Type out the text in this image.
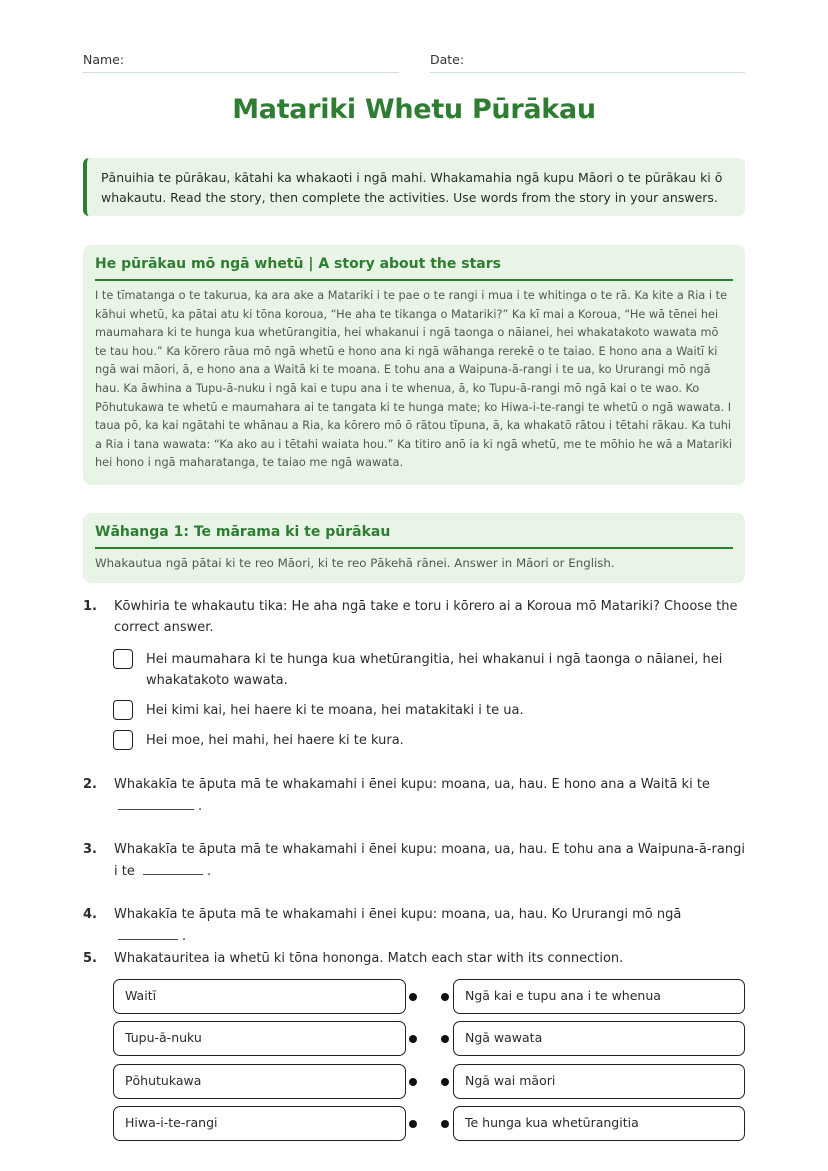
Name:	Date:
Matariki Whetu Pūrākau
Pānuihia te pūrākau, kātahi ka whakaoti i ngā mahi. Whakamahia ngā kupu Māori o te pūrākau ki ō whakautu. Read the story, then complete the activities. Use words from the story in your answers.
He pūrākau mō ngā whetū | A story about the stars
I te tīmatanga o te takurua, ka ara ake a Matariki i te pae o te rangi i mua i te whitinga o te rā. Ka kite a Ria i te kāhui whetū, ka pātai atu ki tōna koroua, “He aha te tikanga o Matariki?” Ka kī mai a Koroua, “He wā tēnei hei maumahara ki te hunga kua whetūrangitia, hei whakanui i ngā taonga o nāianei, hei whakatakoto wawata mō te tau hou.” Ka kōrero rāua mō ngā whetū e hono ana ki ngā wāhanga rerekē o te taiao. E hono ana a Waitī ki ngā wai māori, ā, e hono ana a Waitā ki te moana. E tohu ana a Waipuna-ā-rangi i te ua, ko Ururangi mō ngā hau. Ka āwhina a Tupu-ā-nuku i ngā kai e tupu ana i te whenua, ā, ko Tupu-ā-rangi mō ngā kai o te wao. Ko Pōhutukawa te whetū e maumahara ai te tangata ki te hunga mate; ko Hiwa-i-te-rangi te whetū o ngā wawata. I taua pō, ka kai ngātahi te whānau a Ria, ka kōrero mō ō rātou tīpuna, ā, ka whakatō rātou i tētahi rākau. Ka tuhi a Ria i tana wawata: “Ka ako au i tētahi waiata hou.” Ka titiro anō ia ki ngā whetū, me te mōhio he wā a Matariki hei hono i ngā maharatanga, te taiao me ngā wawata.
Wāhanga 1: Te mārama ki te pūrākau
Whakautua ngā pātai ki te reo Māori, ki te reo Pākehā rānei. Answer in Māori or English.
1.	Kōwhiria te whakautu tika: He aha ngā take e toru i kōrero ai a Koroua mō Matariki? Choose the correct answer.
Hei maumahara ki te hunga kua whetūrangitia, hei whakanui i ngā taonga o nāianei, hei whakatakoto wawata.
Hei kimi kai, hei haere ki te moana, hei matakitaki i te ua.
Hei moe, hei mahi, hei haere ki te kura.
2.	Whakakīa te āputa mā te whakamahi i ēnei kupu: moana, ua, hau. E hono ana a Waitā ki te
.
3.	Whakakīa te āputa mā te whakamahi i ēnei kupu: moana, ua, hau. E tohu ana a Waipuna-ā-rangi i te	.
4.	Whakakīa te āputa mā te whakamahi i ēnei kupu: moana, ua, hau. Ko Ururangi mō ngā .
5.	Whakatauritea ia whetū ki tōna hononga. Match each star with its connection.
Waitī	Ngā kai e tupu ana i te whenua
Tupu-ā-nuku	Ngā wawata
Pōhutukawa	Ngā wai māori
Hiwa-i-te-rangi	Te hunga kua whetūrangitia
